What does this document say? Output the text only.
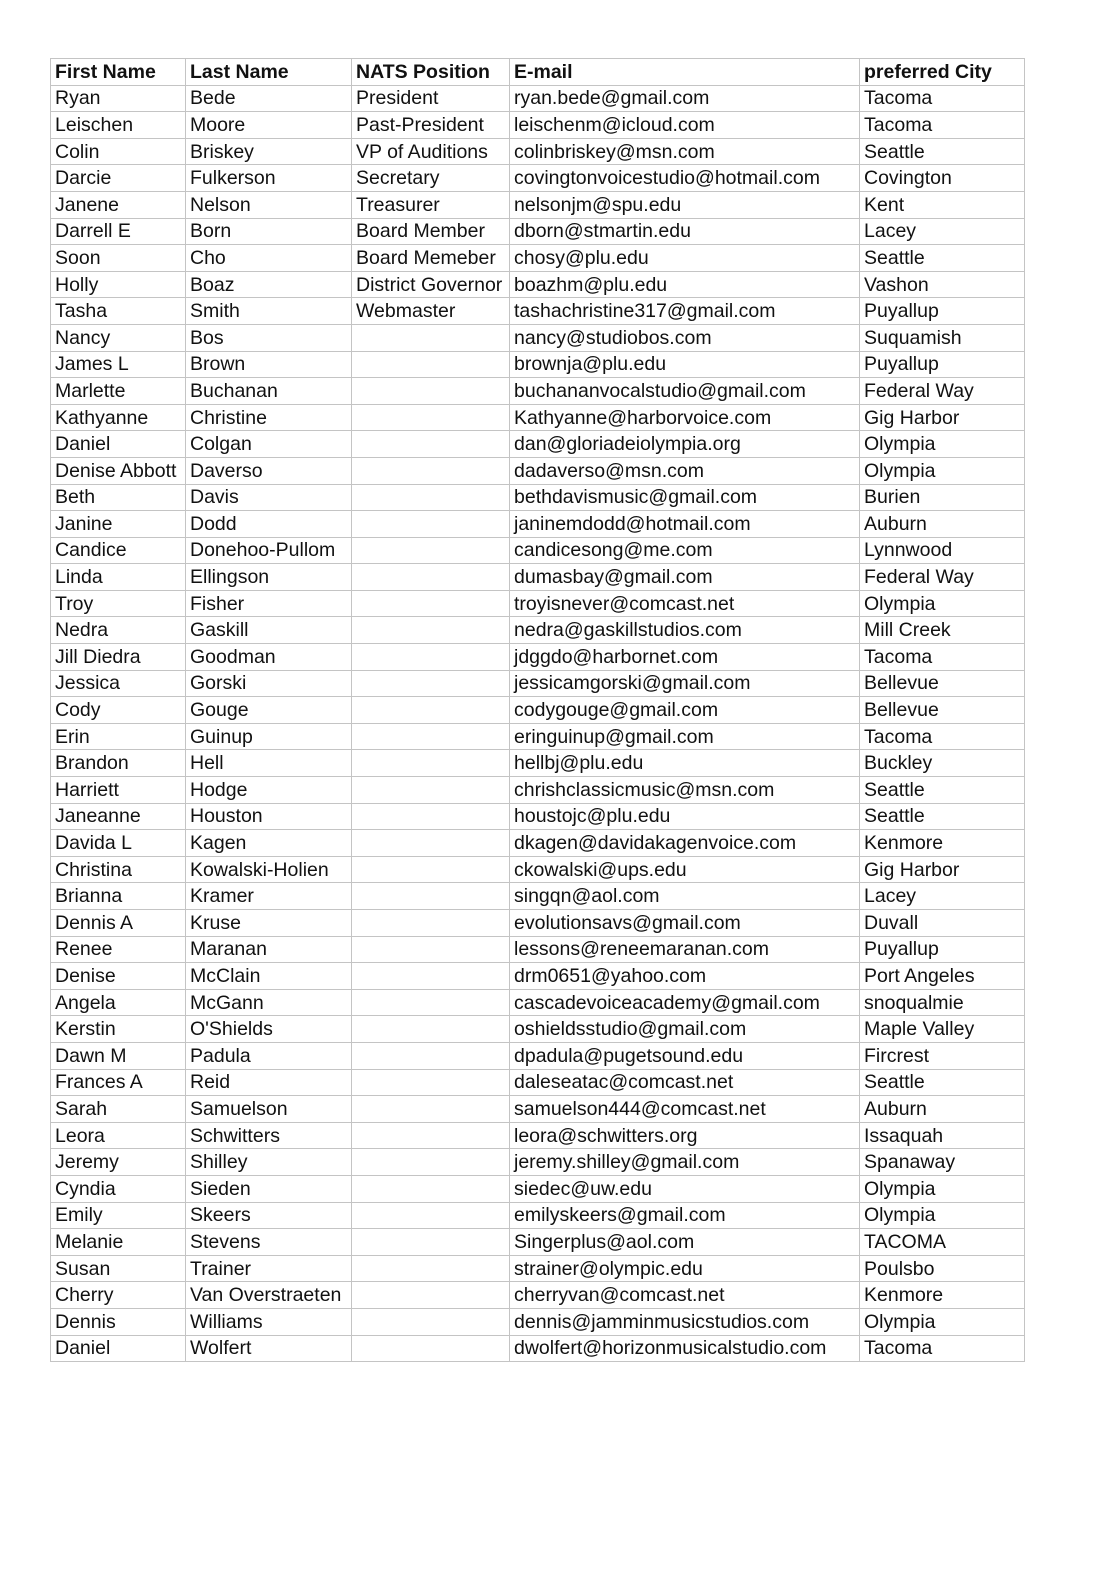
First Name	Last Name	NATS Position	E-mail	preferred City
Ryan	Bede	President	ryan.bede@gmail.com	Tacoma
Leischen	Moore	Past-President	leischenm@icloud.com	Tacoma
Colin	Briskey	VP of Auditions	colinbriskey@msn.com	Seattle
Darcie	Fulkerson	Secretary	covingtonvoicestudio@hotmail.com	Covington
Janene	Nelson	Treasurer	nelsonjm@spu.edu	Kent
Darrell E	Born	Board Member	dborn@stmartin.edu	Lacey
Soon	Cho	Board Memeber	chosy@plu.edu	Seattle
Holly	Boaz	District Governor	boazhm@plu.edu	Vashon
Tasha	Smith	Webmaster	tashachristine317@gmail.com	Puyallup
Nancy	Bos		nancy@studiobos.com	Suquamish
James L	Brown		brownja@plu.edu	Puyallup
Marlette	Buchanan		buchananvocalstudio@gmail.com	Federal Way
Kathyanne	Christine		Kathyanne@harborvoice.com	Gig Harbor
Daniel	Colgan		dan@gloriadeiolympia.org	Olympia
Denise Abbott	Daverso		dadaverso@msn.com	Olympia
Beth	Davis		bethdavismusic@gmail.com	Burien
Janine	Dodd		janinemdodd@hotmail.com	Auburn
Candice	Donehoo-Pullom		candicesong@me.com	Lynnwood
Linda	Ellingson		dumasbay@gmail.com	Federal Way
Troy	Fisher		troyisnever@comcast.net	Olympia
Nedra	Gaskill		nedra@gaskillstudios.com	Mill Creek
Jill Diedra	Goodman		jdggdo@harbornet.com	Tacoma
Jessica	Gorski		jessicamgorski@gmail.com	Bellevue
Cody	Gouge		codygouge@gmail.com	Bellevue
Erin	Guinup		eringuinup@gmail.com	Tacoma
Brandon	Hell		hellbj@plu.edu	Buckley
Harriett	Hodge		chrishclassicmusic@msn.com	Seattle
Janeanne	Houston		houstojc@plu.edu	Seattle
Davida L	Kagen		dkagen@davidakagenvoice.com	Kenmore
Christina	Kowalski-Holien		ckowalski@ups.edu	Gig Harbor
Brianna	Kramer		singqn@aol.com	Lacey
Dennis A	Kruse		evolutionsavs@gmail.com	Duvall
Renee	Maranan		lessons@reneemaranan.com	Puyallup
Denise	McClain		drm0651@yahoo.com	Port Angeles
Angela	McGann		cascadevoiceacademy@gmail.com	snoqualmie
Kerstin	O'Shields		oshieldsstudio@gmail.com	Maple Valley
Dawn M	Padula		dpadula@pugetsound.edu	Fircrest
Frances A	Reid		daleseatac@comcast.net	Seattle
Sarah	Samuelson		samuelson444@comcast.net	Auburn
Leora	Schwitters		leora@schwitters.org	Issaquah
Jeremy	Shilley		jeremy.shilley@gmail.com	Spanaway
Cyndia	Sieden		siedec@uw.edu	Olympia
Emily	Skeers		emilyskeers@gmail.com	Olympia
Melanie	Stevens		Singerplus@aol.com	TACOMA
Susan	Trainer		strainer@olympic.edu	Poulsbo
Cherry	Van Overstraeten		cherryvan@comcast.net	Kenmore
Dennis	Williams		dennis@jamminmusicstudios.com	Olympia
Daniel	Wolfert		dwolfert@horizonmusicalstudio.com	Tacoma
